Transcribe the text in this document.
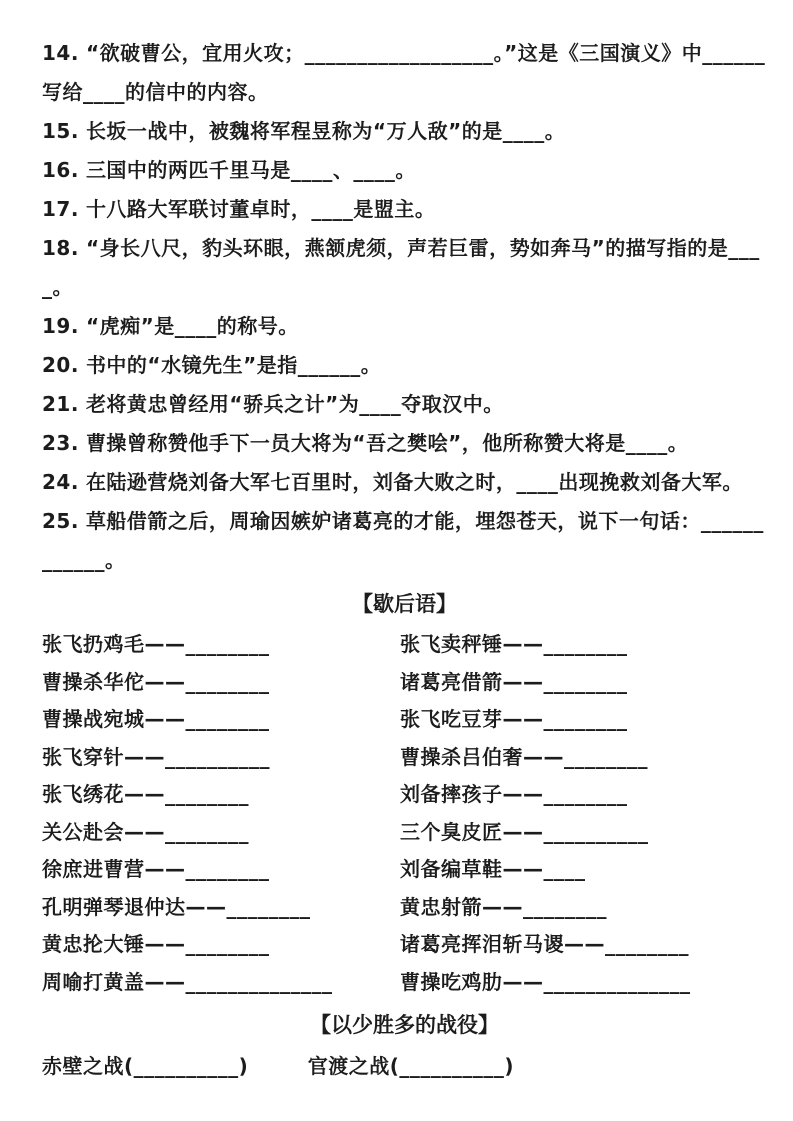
14. “欲破曹公，宜用火攻；__________________。”这是《三国演义》中______写给____的信中的内容。
15. 长坂一战中，被魏将军程昱称为“万人敌”的是____。
16. 三国中的两匹千里马是____、____。
17. 十八路大军联讨董卓时，____是盟主。
18. “身长八尺，豹头环眼，燕颔虎须，声若巨雷，势如奔马”的描写指的是____。
19. “虎痴”是____的称号。
20. 书中的“水镜先生”是指______。
21. 老将黄忠曾经用“骄兵之计”为____夺取汉中。
23. 曹操曾称赞他手下一员大将为“吾之樊哙”，他所称赞大将是____。
24. 在陆逊营烧刘备大军七百里时，刘备大败之时，____出现挽救刘备大军。
25. 草船借箭之后，周瑜因嫉妒诸葛亮的才能，埋怨苍天，说下一句话：____________。
【歇后语】
张飞扔鸡毛——________	张飞卖秤锤——________
曹操杀华佗——________	诸葛亮借箭——________
曹操战宛城——________	张飞吃豆芽——________
张飞穿针——__________	曹操杀吕伯奢——________
张飞绣花——________	刘备摔孩子——________
关公赴会——________	三个臭皮匠——__________
徐庶进曹营——________	刘备编草鞋——____
孔明弹琴退仲达——________	黄忠射箭——________
黄忠抡大锤——________	诸葛亮挥泪斩马谡——________
周喻打黄盖——______________	曹操吃鸡肋——______________
【以少胜多的战役】
赤壁之战(__________)	官渡之战(__________)
